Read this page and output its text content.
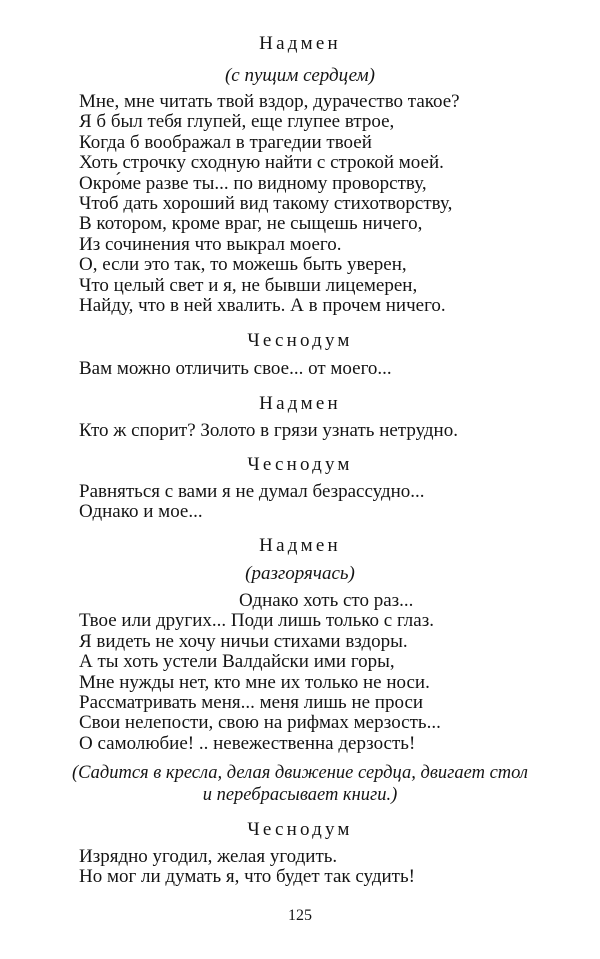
Надмен

(с пущим сердцем)

Мне, мне читать твой вздор, дурачество такое?
Я б был тебя глупей, еще глупее втрое,
Когда б воображал в трагедии твоей
Хоть строчку сходную найти с строкой моей.
Окро́ме разве ты... по видному проворству,
Чтоб дать хороший вид такому стихотворству,
В котором, кроме враг, не сыщешь ничего,
Из сочинения что выкрал моего.
О, если это так, то можешь быть уверен,
Что целый свет и я, не бывши лицемерен,
Найду, что в ней хвалить. А в прочем ничего.

Чеснодум

Вам можно отличить свое... от моего...

Надмен

Кто ж спорит? Золото в грязи узнать нетрудно.

Чеснодум

Равняться с вами я не думал безрассудно...
Однако и мое...

Надмен

(разгорячась)

Однако хоть сто раз...
Твое или других... Поди лишь только с глаз.
Я видеть не хочу ничьи стихами вздоры.
А ты хоть устели Валдайски ими горы,
Мне нужды нет, кто мне их только не носи.
Рассматривать меня... меня лишь не проси
Свои нелепости, свою на рифмах мерзость...
О самолюбие! .. невежественна дерзость!

(Садится в кресла, делая движение сердца, двигает стол

и перебрасывает книги.)

Чеснодум

Изрядно угодил, желая угодить.
Но мог ли думать я, что будет так судить!

125
